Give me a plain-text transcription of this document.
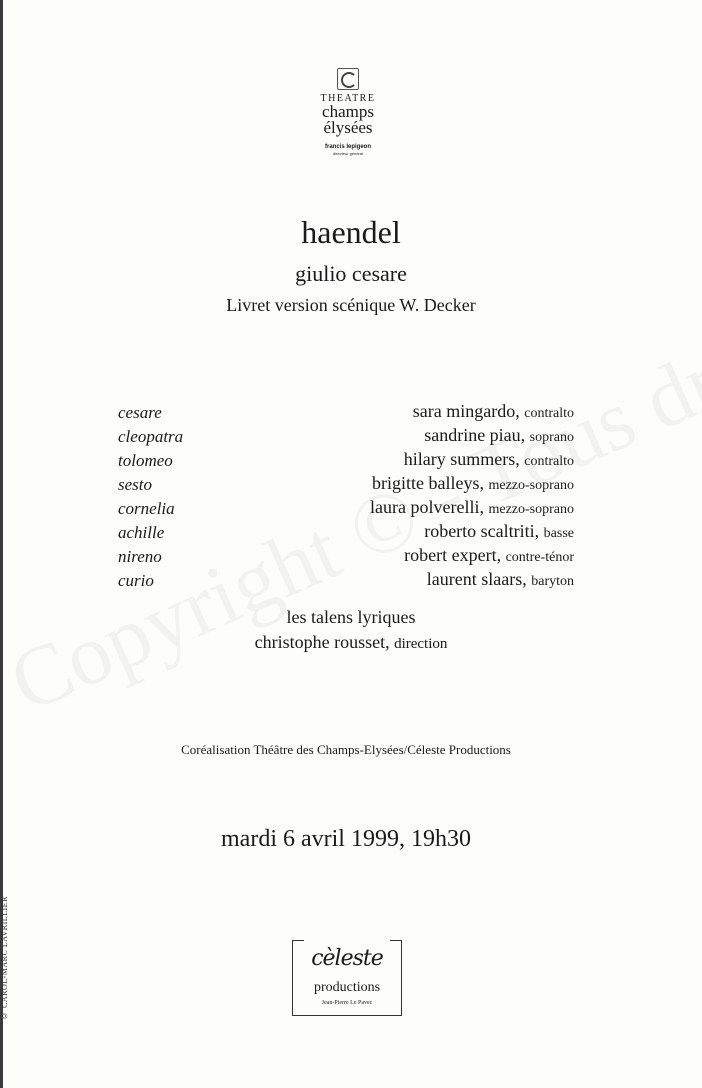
© CAROL-MARC LAVRILLIER
THEATRE
champs
élysées
francis lepigeon
directeur général
haendel
giulio cesare
Livret version scénique W. Decker
cesare	sara mingardo, contralto
cleopatra	sandrine piau, soprano
tolomeo	hilary summers, contralto
sesto	brigitte balleys, mezzo-soprano
cornelia	laura polverelli, mezzo-soprano
achille	roberto scaltriti, basse
nireno	robert expert, contre-ténor
curio	laurent slaars, baryton
les talens lyriques
christophe rousset, direction
Coréalisation Théâtre des Champs-Elysées/Céleste Productions
mardi 6 avril 1999, 19h30
cèleste
productions
Jean-Pierre Le Pavec
